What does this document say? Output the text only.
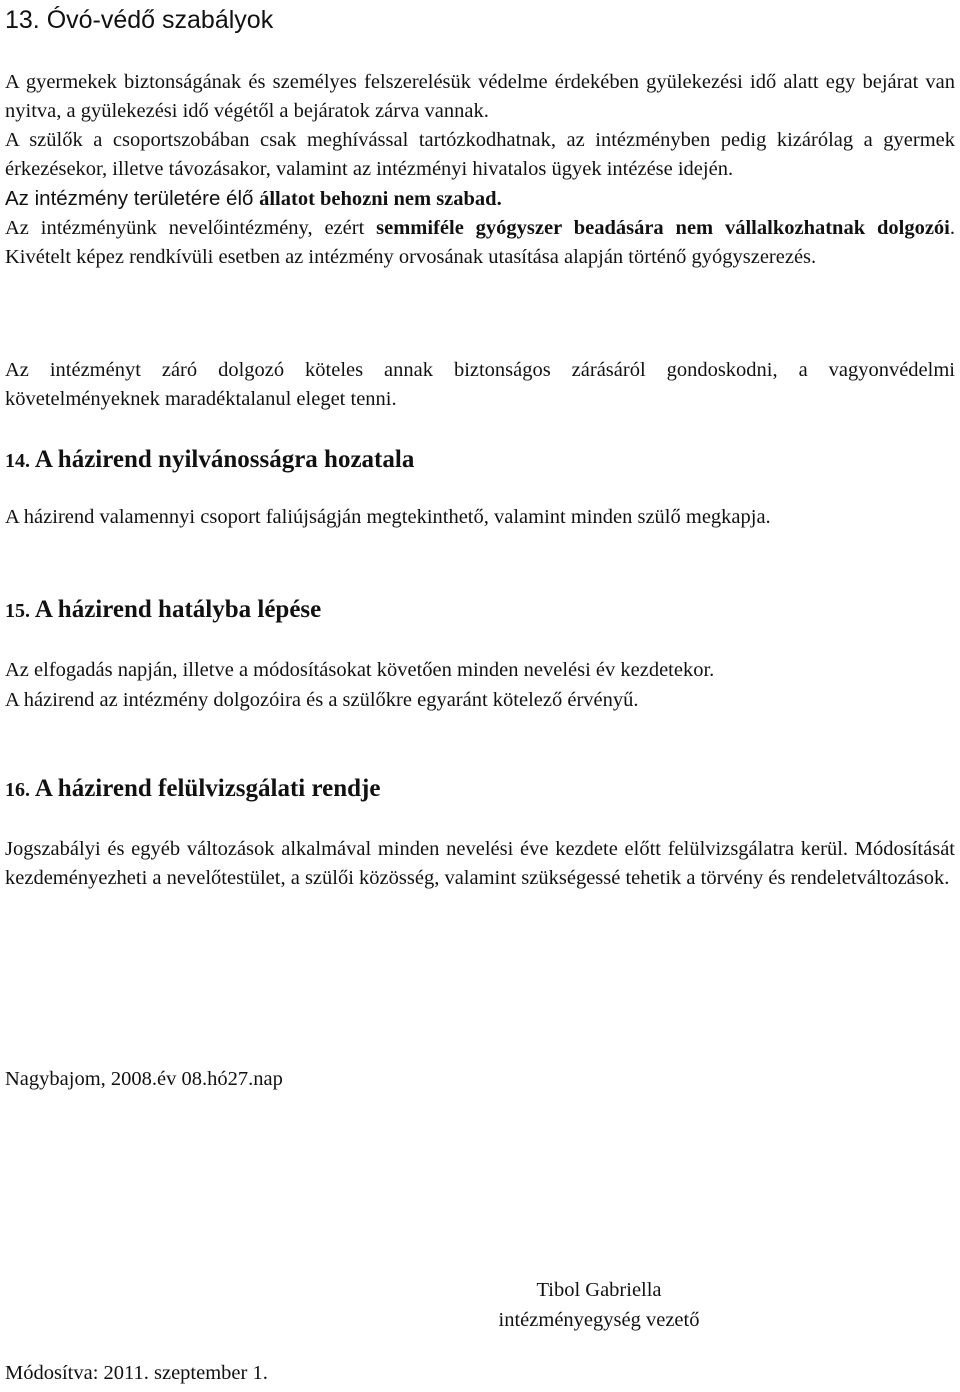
13. Óvó-védő szabályok

A gyermekek biztonságának és személyes felszerelésük védelme érdekében gyülekezési idő alatt egy bejárat van nyitva, a gyülekezési idő végétől a bejáratok zárva vannak.

A szülők a csoportszobában csak meghívással tartózkodhatnak, az intézményben pedig kizárólag a gyermek érkezésekor, illetve távozásakor, valamint az intézményi hivatalos ügyek intézése idején.

Az intézmény területére élő állatot behozni nem szabad.

Az intézményünk nevelőintézmény, ezért semmiféle gyógyszer beadására nem vállalkozhatnak dolgozói. Kivételt képez rendkívüli esetben az intézmény orvosának utasítása alapján történő gyógyszerezés.

Az intézményt záró dolgozó köteles annak biztonságos zárásáról gondoskodni, a vagyonvédelmi követelményeknek maradéktalanul eleget tenni.

14. A házirend nyilvánosságra hozatala

A házirend valamennyi csoport faliújságján megtekinthető, valamint minden szülő megkapja.

15. A házirend hatályba lépése

Az elfogadás napján, illetve a módosításokat követően minden nevelési év kezdetekor.

A házirend az intézmény dolgozóira és a szülőkre egyaránt kötelező érvényű.

16. A házirend felülvizsgálati rendje

Jogszabályi és egyéb változások alkalmával minden nevelési éve kezdete előtt felülvizsgálatra kerül. Módosítását kezdeményezheti a nevelőtestület, a szülői közösség, valamint szükségessé tehetik a törvény és rendeletváltozások.

Nagybajom, 2008.év 08.hó27.nap

Tibol Gabriella
intézményegység vezető

Módosítva: 2011. szeptember 1.
